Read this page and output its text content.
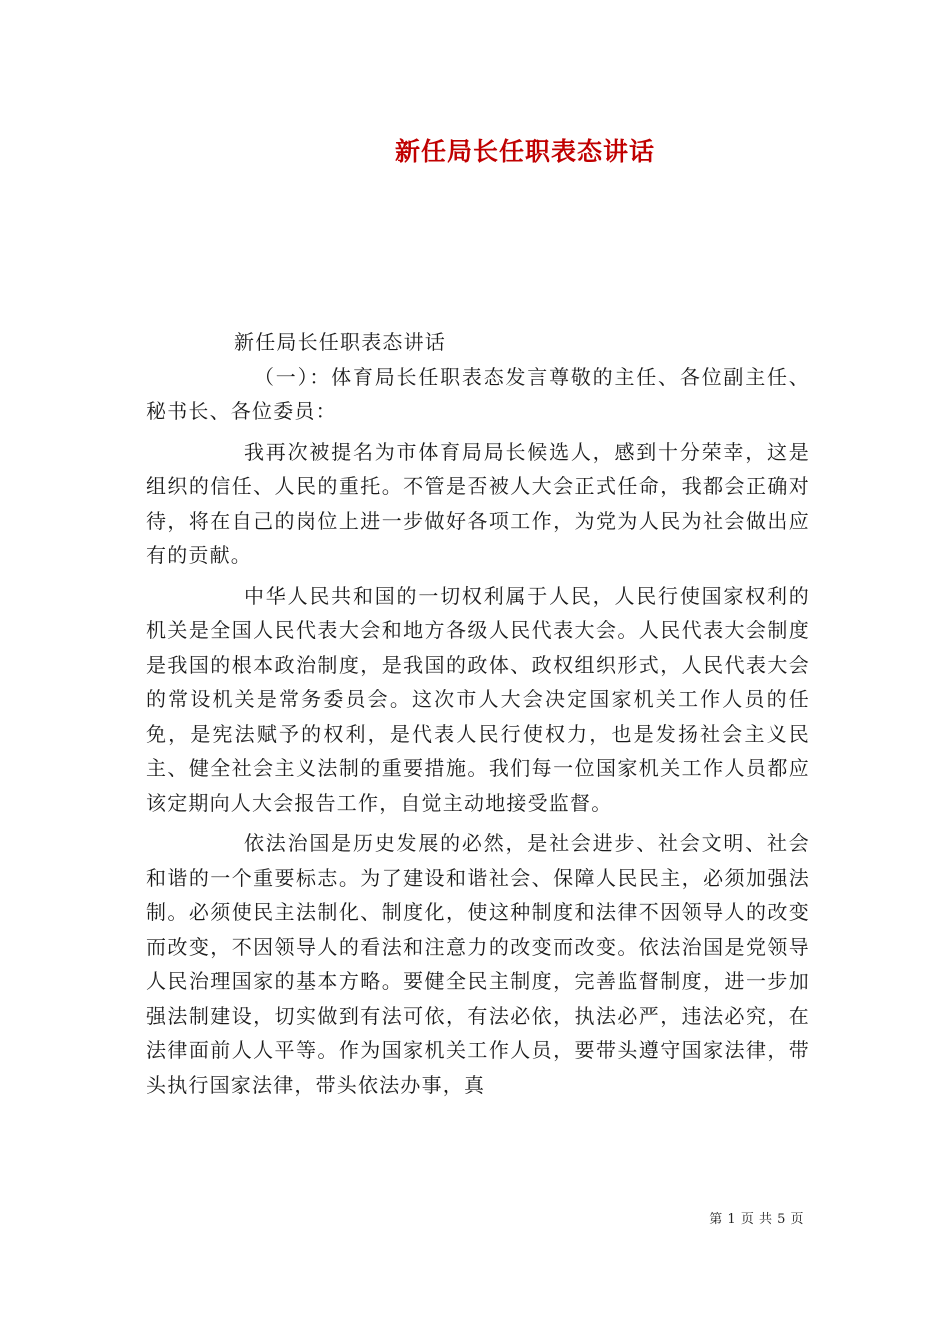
新任局长任职表态讲话

新任局长任职表态讲话

（一）：体育局长任职表态发言尊敬的主任、各位副主任、秘书长、各位委员：

我再次被提名为市体育局局长候选人，感到十分荣幸，这是组织的信任、人民的重托。不管是否被人大会正式任命，我都会正确对待，将在自己的岗位上进一步做好各项工作，为党为人民为社会做出应有的贡献。

中华人民共和国的一切权利属于人民，人民行使国家权利的机关是全国人民代表大会和地方各级人民代表大会。人民代表大会制度是我国的根本政治制度，是我国的政体、政权组织形式，人民代表大会的常设机关是常务委员会。这次市人大会决定国家机关工作人员的任免，是宪法赋予的权利，是代表人民行使权力，也是发扬社会主义民主、健全社会主义法制的重要措施。我们每一位国家机关工作人员都应该定期向人大会报告工作，自觉主动地接受监督。

依法治国是历史发展的必然，是社会进步、社会文明、社会和谐的一个重要标志。为了建设和谐社会、保障人民民主，必须加强法制。必须使民主法制化、制度化，使这种制度和法律不因领导人的改变而改变，不因领导人的看法和注意力的改变而改变。依法治国是党领导人民治理国家的基本方略。要健全民主制度，完善监督制度，进一步加强法制建设，切实做到有法可依，有法必依，执法必严，违法必究，在法律面前人人平等。作为国家机关工作人员，要带头遵守国家法律，带头执行国家法律，带头依法办事，真

第 1 页 共 5 页
